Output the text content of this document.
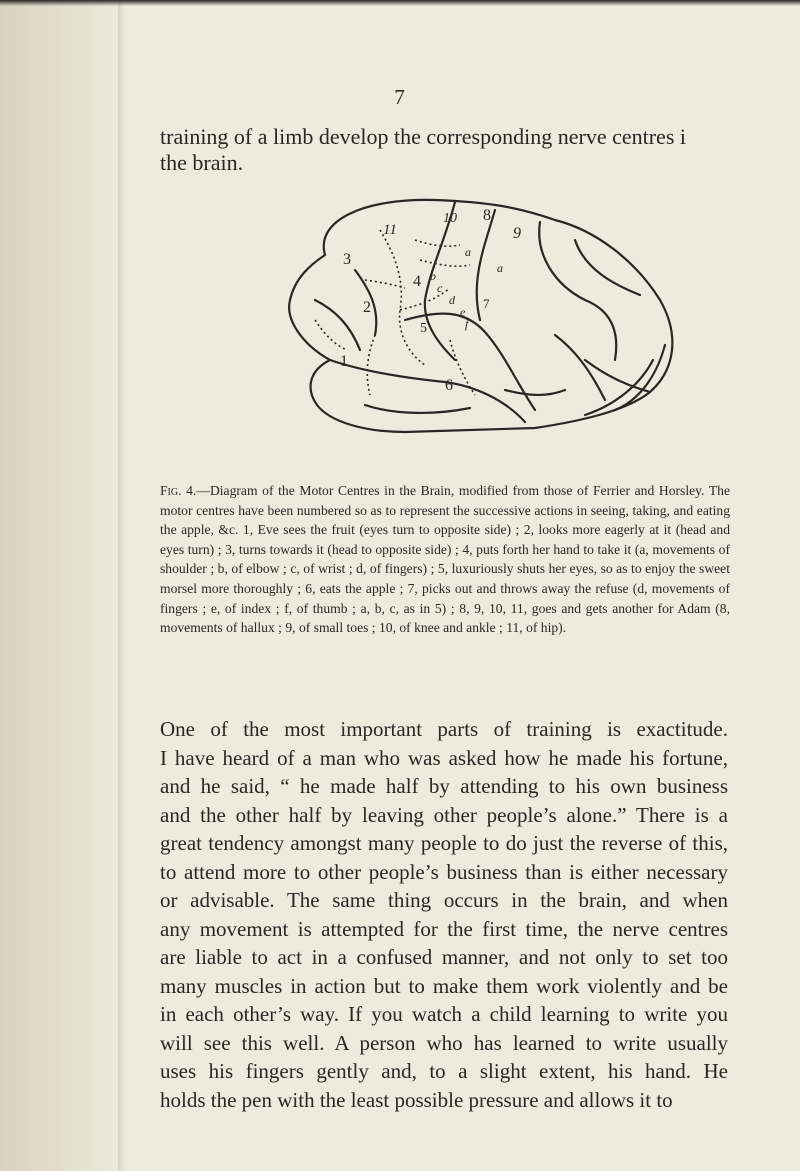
7
training of a limb develop the corresponding nerve centres i
the brain.
11
10 8
9
3
4
2
5
1
6
7
a
b
c
d
e
f
a
Fig. 4.—Diagram of the Motor Centres in the Brain, modified from those of Ferrier and Horsley. The motor centres have been numbered so as to represent the successive actions in seeing, taking, and eating the apple, &c. 1, Eve sees the fruit (eyes turn to opposite side) ; 2, looks more eagerly at it (head and eyes turn) ; 3, turns towards it (head to opposite side) ; 4, puts forth her hand to take it (a, movements of shoulder ; b, of elbow ; c, of wrist ; d, of fingers) ; 5, luxuriously shuts her eyes, so as to enjoy the sweet morsel more thoroughly ; 6, eats the apple ; 7, picks out and throws away the refuse (d, movements of fingers ; e, of index ; f, of thumb ; a, b, c, as in 5) ; 8, 9, 10, 11, goes and gets another for Adam (8, movements of hallux ; 9, of small toes ; 10, of knee and ankle ; 11, of hip).
One of the most important parts of training is exactitude.
I have heard of a man who was asked how he made his fortune,
and he said, “ he made half by attending to his own business
and the other half by leaving other people’s alone.” There is a
great tendency amongst many people to do just the reverse of this,
to attend more to other people’s business than is either necessary
or advisable. The same thing occurs in the brain, and when
any movement is attempted for the first time, the nerve centres
are liable to act in a confused manner, and not only to set too
many muscles in action but to make them work violently and be
in each other’s way. If you watch a child learning to write you
will see this well. A person who has learned to write usually
uses his fingers gently and, to a slight extent, his hand. He
holds the pen with the least possible pressure and allows it to
